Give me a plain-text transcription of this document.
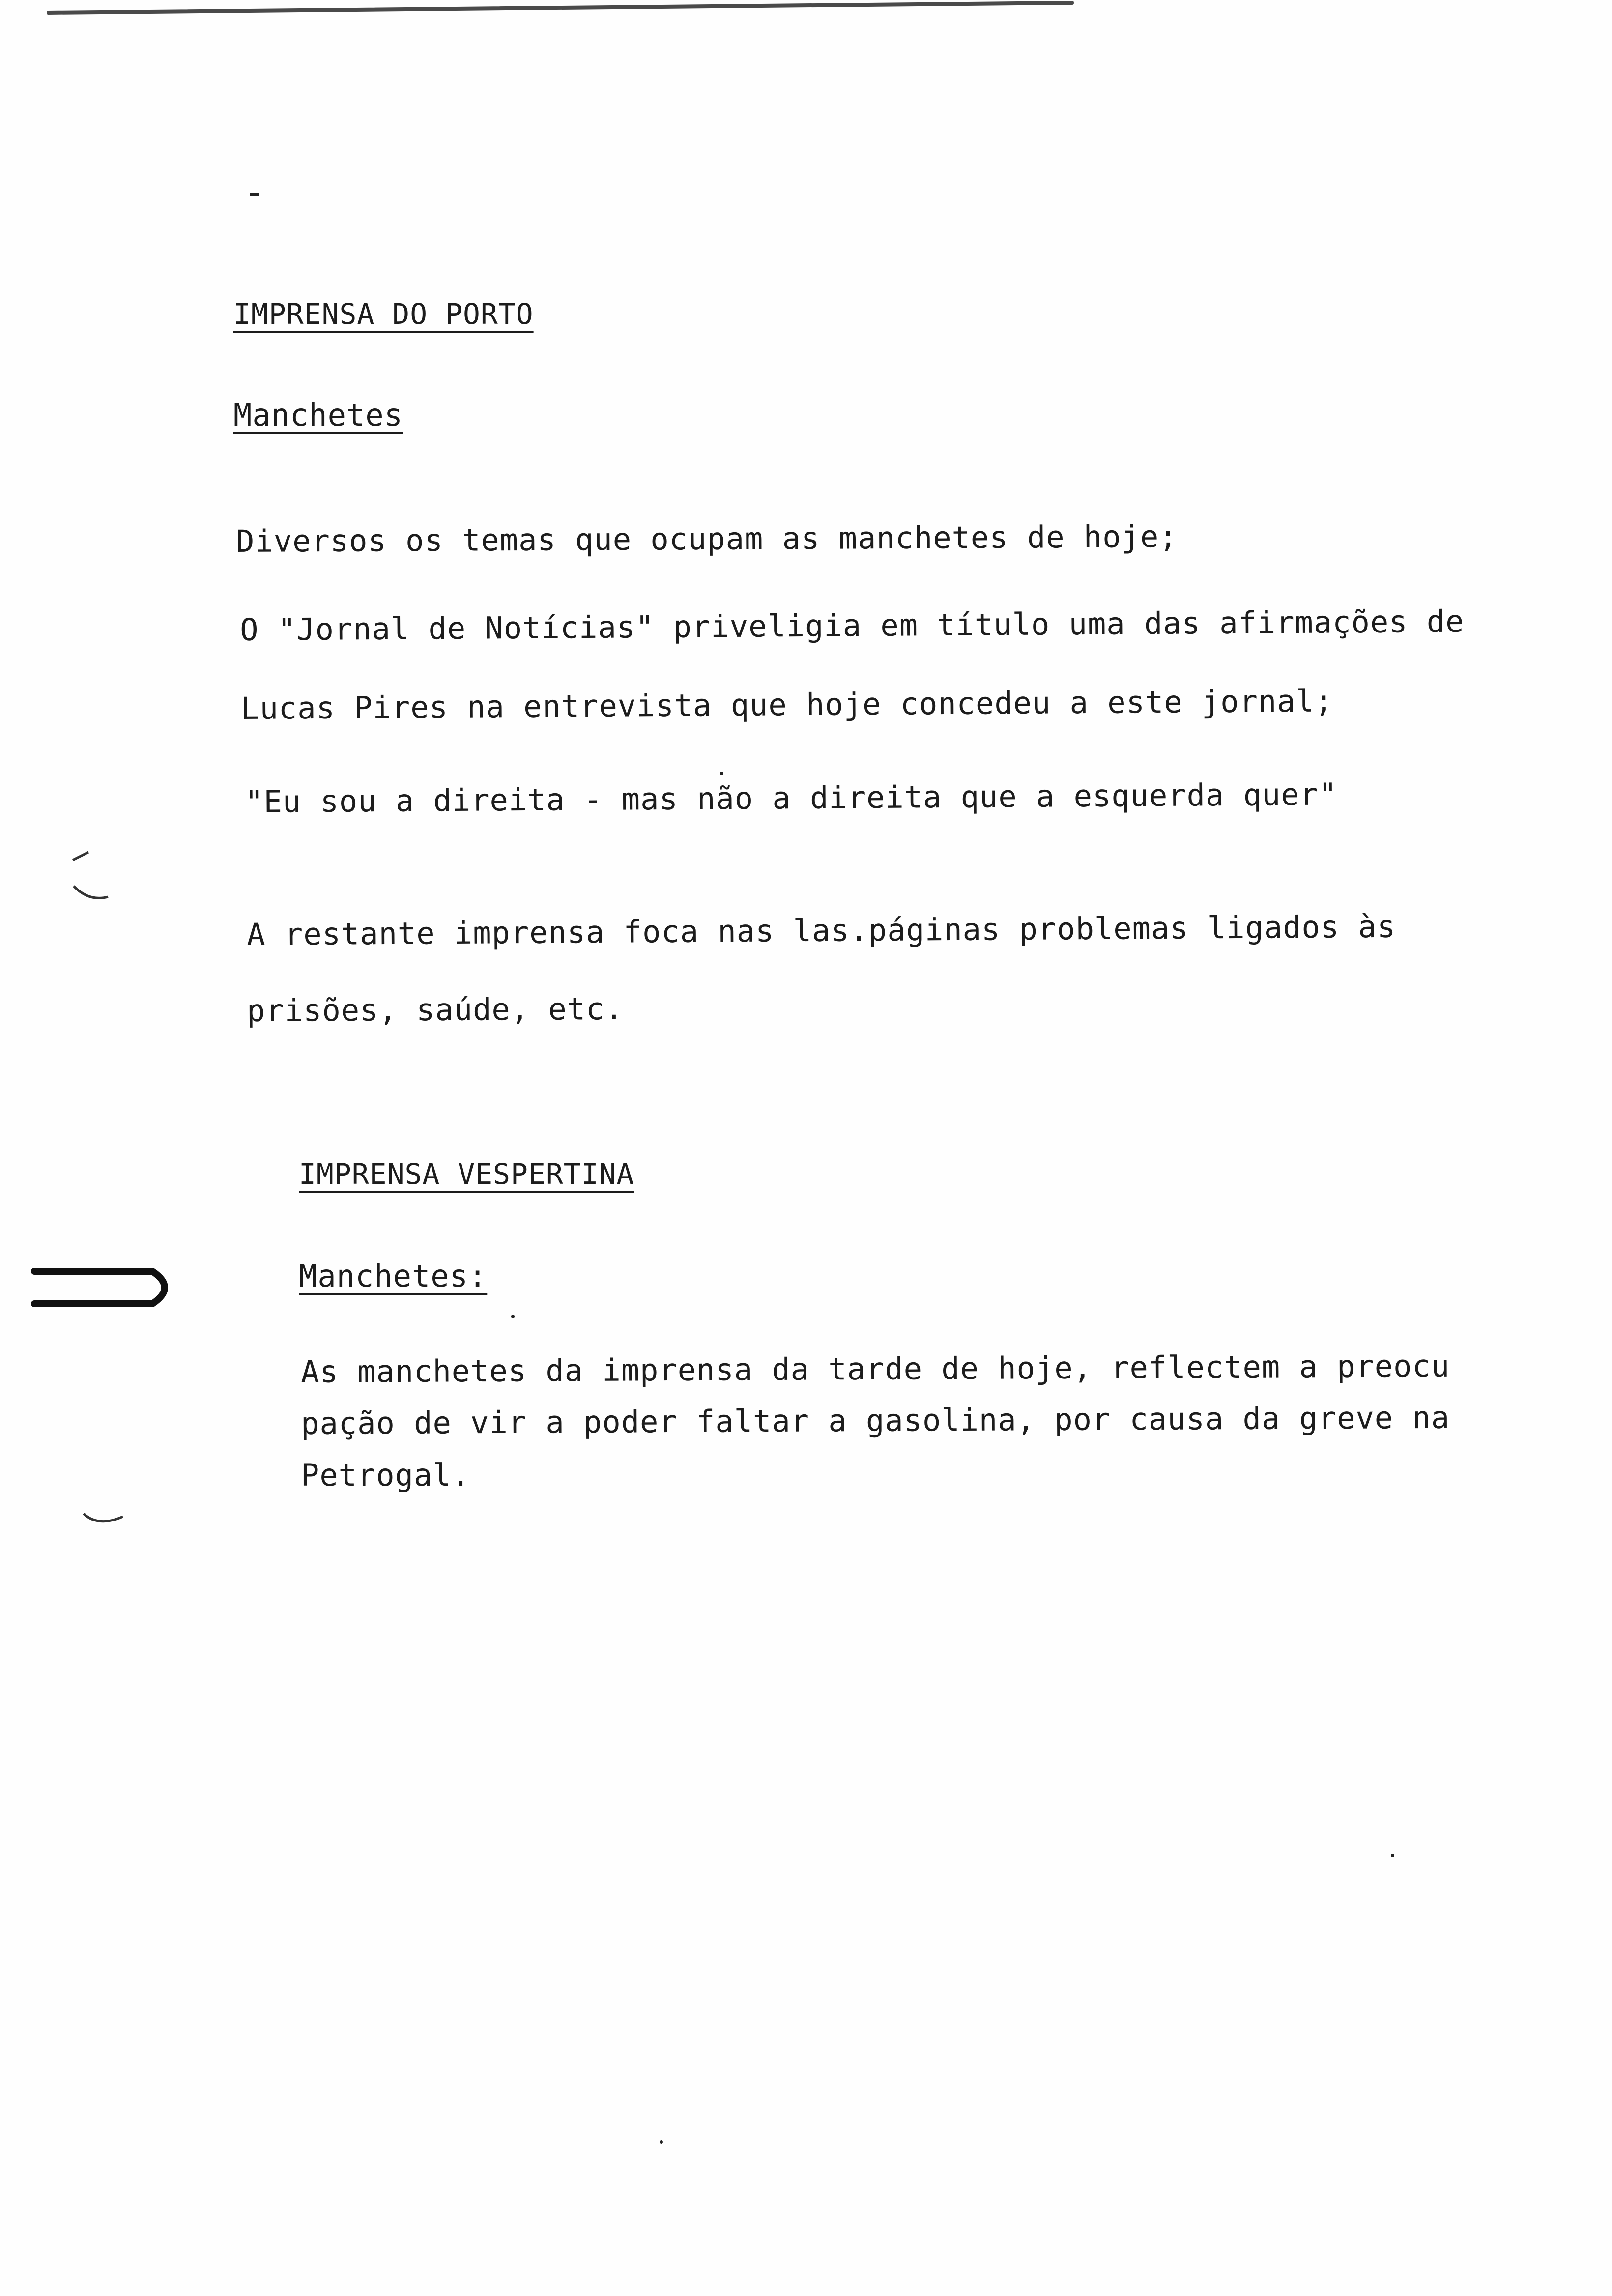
IMPRENSA DO PORTO
Manchetes
Diversos os temas que ocupam as manchetes de hoje;
O "Jornal de Notícias" priveligia em título uma das afirmações de
Lucas Pires na entrevista que hoje concedeu a este jornal;
"Eu sou a direita - mas não a direita que a esquerda quer"
A restante imprensa foca nas las.páginas problemas ligados às
prisões, saúde, etc.
IMPRENSA VESPERTINA
Manchetes:
As manchetes da imprensa da tarde de hoje, reflectem a preocu
pação de vir a poder faltar a gasolina, por causa da greve na
Petrogal.
